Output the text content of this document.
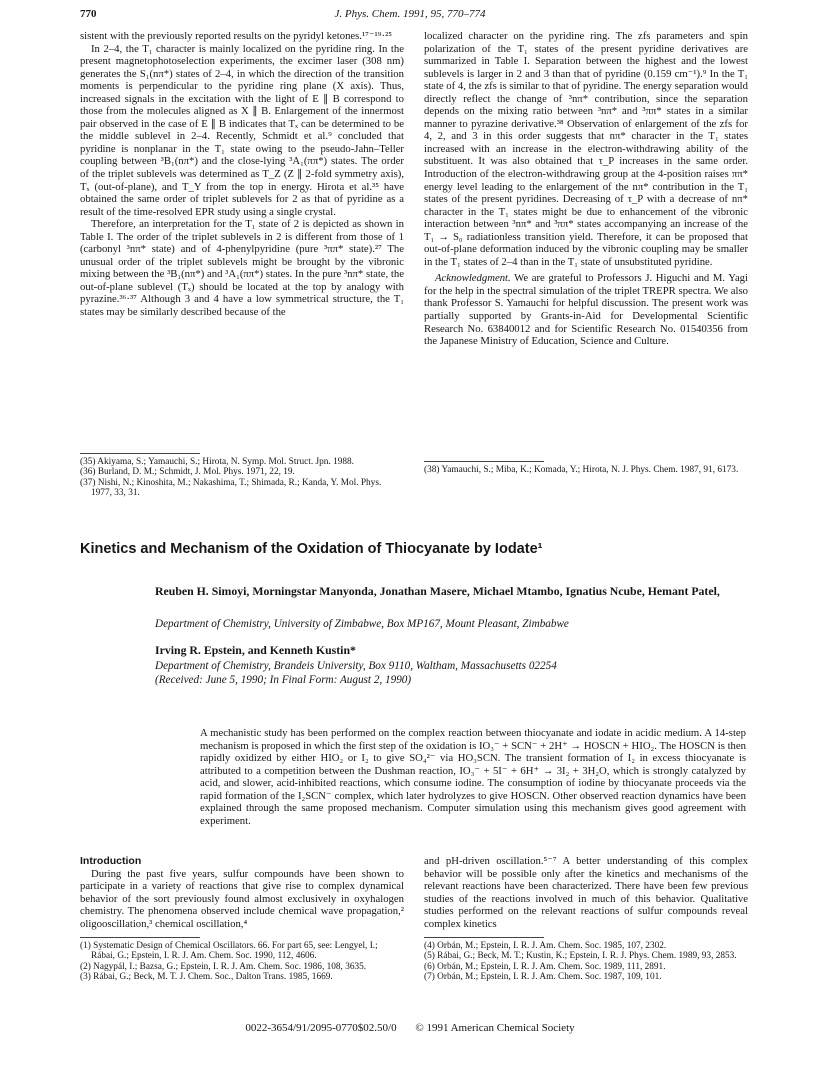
770	J. Phys. Chem. 1991, 95, 770–774

sistent with the previously reported results on the pyridyl ketones.¹⁷⁻¹⁹·²⁵

In 2–4, the T₁ character is mainly localized on the pyridine ring. In the present magnetophotoselection experiments, the excimer laser (308 nm) generates the S₁(nπ*) states of 2–4, in which the direction of the transition moments is perpendicular to the pyridine ring plane (X axis). Thus, increased signals in the excitation with the light of E ∥ B correspond to those from the molecules aligned as X ∥ B. Enlargement of the innermost pair observed in the case of E ∥ B indicates that Tₓ can be determined to be the middle sublevel in 2–4. Recently, Schmidt et al.⁹ concluded that pyridine is nonplanar in the T₁ state owing to the pseudo-Jahn–Teller coupling between ³B₁(nπ*) and the close-lying ³A₁(ππ*) states. The order of the triplet sublevels was determined as T_Z (Z ∥ 2-fold symmetry axis), Tₓ (out-of-plane), and T_Y from the top in energy. Hirota et al.³⁵ have obtained the same order of triplet sublevels for 2 as that of pyridine as a result of the time-resolved EPR study using a single crystal.

Therefore, an interpretation for the T₁ state of 2 is depicted as shown in Table I. The order of the triplet sublevels in 2 is different from those of 1 (carbonyl ³nπ* state) and of 4-phenylpyridine (pure ³ππ* state).²⁷ The unusual order of the triplet sublevels might be brought by the vibronic mixing between the ³B₁(nπ*) and ³A₁(ππ*) states. In the pure ³nπ* state, the out-of-plane sublevel (Tₓ) should be located at the top by analogy with pyrazine.³⁶·³⁷ Although 3 and 4 have a low symmetrical structure, the T₁ states may be similarly described because of the

localized character on the pyridine ring. The zfs parameters and spin polarization of the T₁ states of the present pyridine derivatives are summarized in Table I. Separation between the highest and the lowest sublevels is larger in 2 and 3 than that of pyridine (0.159 cm⁻¹).⁹ In the T₁ state of 4, the zfs is similar to that of pyridine. The energy separation would directly reflect the change of ³nπ* contribution, since the separation depends on the mixing ratio between ³nπ* and ³ππ* states in a similar manner to pyrazine derivative.³⁸ Observation of enlargement of the zfs for 4, 2, and 3 in this order suggests that nπ* character in the T₁ states increased with an increase in the electron-withdrawing ability of the substituent. It was also obtained that τ_P increases in the same order. Introduction of the electron-withdrawing group at the 4-position raises ππ* energy level leading to the enlargement of the nπ* contribution in the T₁ states of the present pyridines. Decreasing of τ_P with a decrease of nπ* character in the T₁ states might be due to enhancement of the vibronic interaction between ³nπ* and ³ππ* states accompanying an increase of the T₁ → S₀ radiationless transition yield. Therefore, it can be proposed that out-of-plane deformation induced by the vibronic coupling may be smaller in the T₁ states of 2–4 than in the T₁ state of unsubstituted pyridine.

Acknowledgment. We are grateful to Professors J. Higuchi and M. Yagi for the help in the spectral simulation of the triplet TREPR spectra. We also thank Professor S. Yamauchi for helpful discussion. The present work was partially supported by Grants-in-Aid for Developmental Scientific Research No. 63840012 and for Scientific Research No. 01540356 from the Japanese Ministry of Education, Science and Culture.

(35) Akiyama, S.; Yamauchi, S.; Hirota, N. Symp. Mol. Struct. Jpn. 1988.
(36) Burland, D. M.; Schmidt, J. Mol. Phys. 1971, 22, 19.
(37) Nishi, N.; Kinoshita, M.; Nakashima, T.; Shimada, R.; Kanda, Y. Mol. Phys. 1977, 33, 31.
(38) Yamauchi, S.; Miba, K.; Komada, Y.; Hirota, N. J. Phys. Chem. 1987, 91, 6173.
Kinetics and Mechanism of the Oxidation of Thiocyanate by Iodate¹
Reuben H. Simoyi, Morningstar Manyonda, Jonathan Masere, Michael Mtambo, Ignatius Ncube, Hemant Patel,
Department of Chemistry, University of Zimbabwe, Box MP167, Mount Pleasant, Zimbabwe
Irving R. Epstein, and Kenneth Kustin*
Department of Chemistry, Brandeis University, Box 9110, Waltham, Massachusetts 02254
(Received: June 5, 1990; In Final Form: August 2, 1990)
A mechanistic study has been performed on the complex reaction between thiocyanate and iodate in acidic medium. A 14-step mechanism is proposed in which the first step of the oxidation is IO₃⁻ + SCN⁻ + 2H⁺ → HOSCN + HIO₂. The HOSCN is then rapidly oxidized by either HIO₂ or I₂ to give SO₄²⁻ via HO₃SCN. The transient formation of I₂ in excess thiocyanate is attributed to a competition between the Dushman reaction, IO₃⁻ + 5I⁻ + 6H⁺ → 3I₂ + 3H₂O, which is strongly catalyzed by acid, and slower, acid-inhibited reactions, which consume iodine. The consumption of iodine by thiocyanate proceeds via the rapid formation of the I₂SCN⁻ complex, which later hydrolyzes to give HOSCN. Other observed reaction dynamics have been explained through the same proposed mechanism. Computer simulation using this mechanism gives good agreement with experiment.
Introduction

During the past five years, sulfur compounds have been shown to participate in a variety of reactions that give rise to complex dynamical behavior of the sort previously found almost exclusively in oxyhalogen chemistry. The phenomena observed include chemical wave propagation,² oligooscillation,³ chemical oscillation,⁴

and pH-driven oscillation.⁵⁻⁷ A better understanding of this complex behavior will be possible only after the kinetics and mechanisms of the relevant reactions have been characterized. There have been few previous studies of the reactions involved in much of this behavior. Qualitative studies performed on the relevant reactions of sulfur compounds reveal complex kinetics

(1) Systematic Design of Chemical Oscillators. 66. For part 65, see: Lengyel, I.; Rábai, G.; Epstein, I. R. J. Am. Chem. Soc. 1990, 112, 4606.
(2) Nagypál, I.; Bazsa, G.; Epstein, I. R. J. Am. Chem. Soc. 1986, 108, 3635.
(3) Rábai, G.; Beck, M. T. J. Chem. Soc., Dalton Trans. 1985, 1669.
(4) Orbán, M.; Epstein, I. R. J. Am. Chem. Soc. 1985, 107, 2302.
(5) Rábai, G.; Beck, M. T.; Kustin, K.; Epstein, I. R. J. Phys. Chem. 1989, 93, 2853.
(6) Orbán, M.; Epstein, I. R. J. Am. Chem. Soc. 1989, 111, 2891.
(7) Orbán, M.; Epstein, I. R. J. Am. Chem. Soc. 1987, 109, 101.
0022-3654/91/2095-0770$02.50/0 © 1991 American Chemical Society
